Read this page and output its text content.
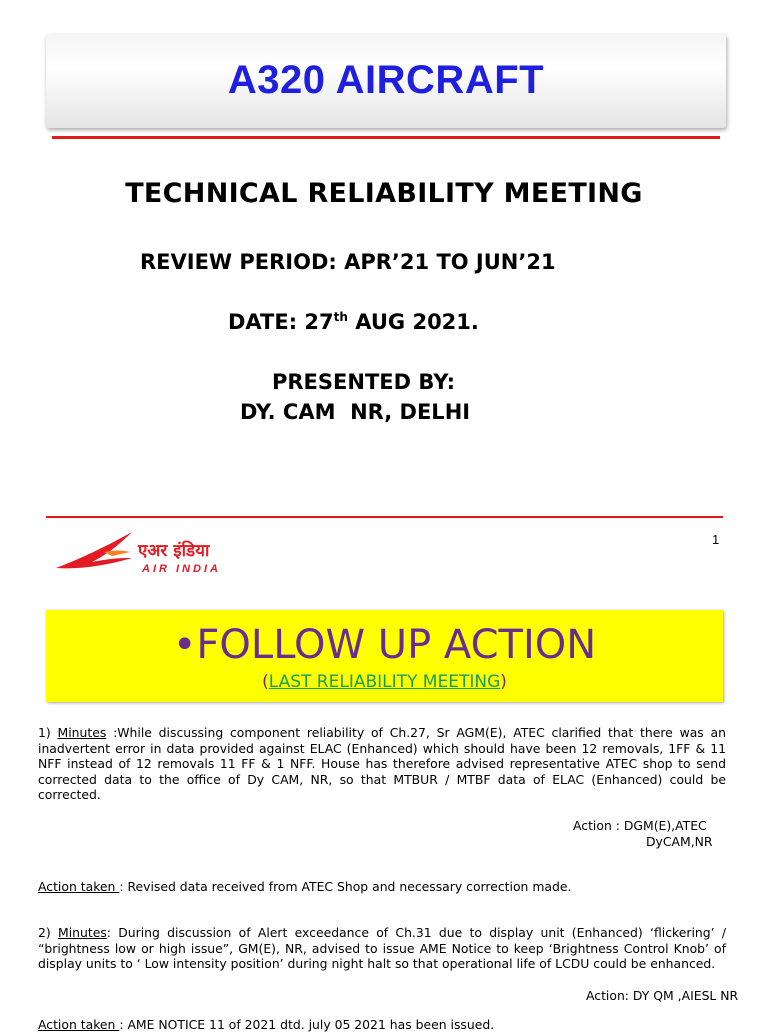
A320 AIRCRAFT
TECHNICAL RELIABILITY MEETING
REVIEW PERIOD: APR’21 TO JUN’21
DATE: 27th AUG 2021.
PRESENTED BY:
DY. CAM  NR, DELHI
एअर इंडिया
AIR INDIA
1
•FOLLOW UP ACTION
(LAST RELIABILITY MEETING)
1) Minutes :While discussing component reliability of Ch.27, Sr AGM(E), ATEC clarified that there was an inadvertent error in data provided against ELAC (Enhanced) which should have been 12 removals, 1FF & 11 NFF instead of 12 removals 11 FF & 1 NFF. House has therefore advised representative ATEC shop to send corrected data to the office of Dy CAM, NR, so that MTBUR / MTBF data of ELAC (Enhanced) could be corrected.
Action : DGM(E),ATEC
DyCAM,NR
Action taken : Revised data received from ATEC Shop and necessary correction made.
2) Minutes: During discussion of Alert exceedance of Ch.31 due to display unit (Enhanced) ‘flickering’ / “brightness low or high issue”, GM(E), NR, advised to issue AME Notice to keep ‘Brightness Control Knob’ of display units to ‘ Low intensity position’ during night halt so that operational life of LCDU could be enhanced.
Action: DY QM ,AIESL NR
Action taken : AME NOTICE 11 of 2021 dtd. july 05 2021 has been issued.
